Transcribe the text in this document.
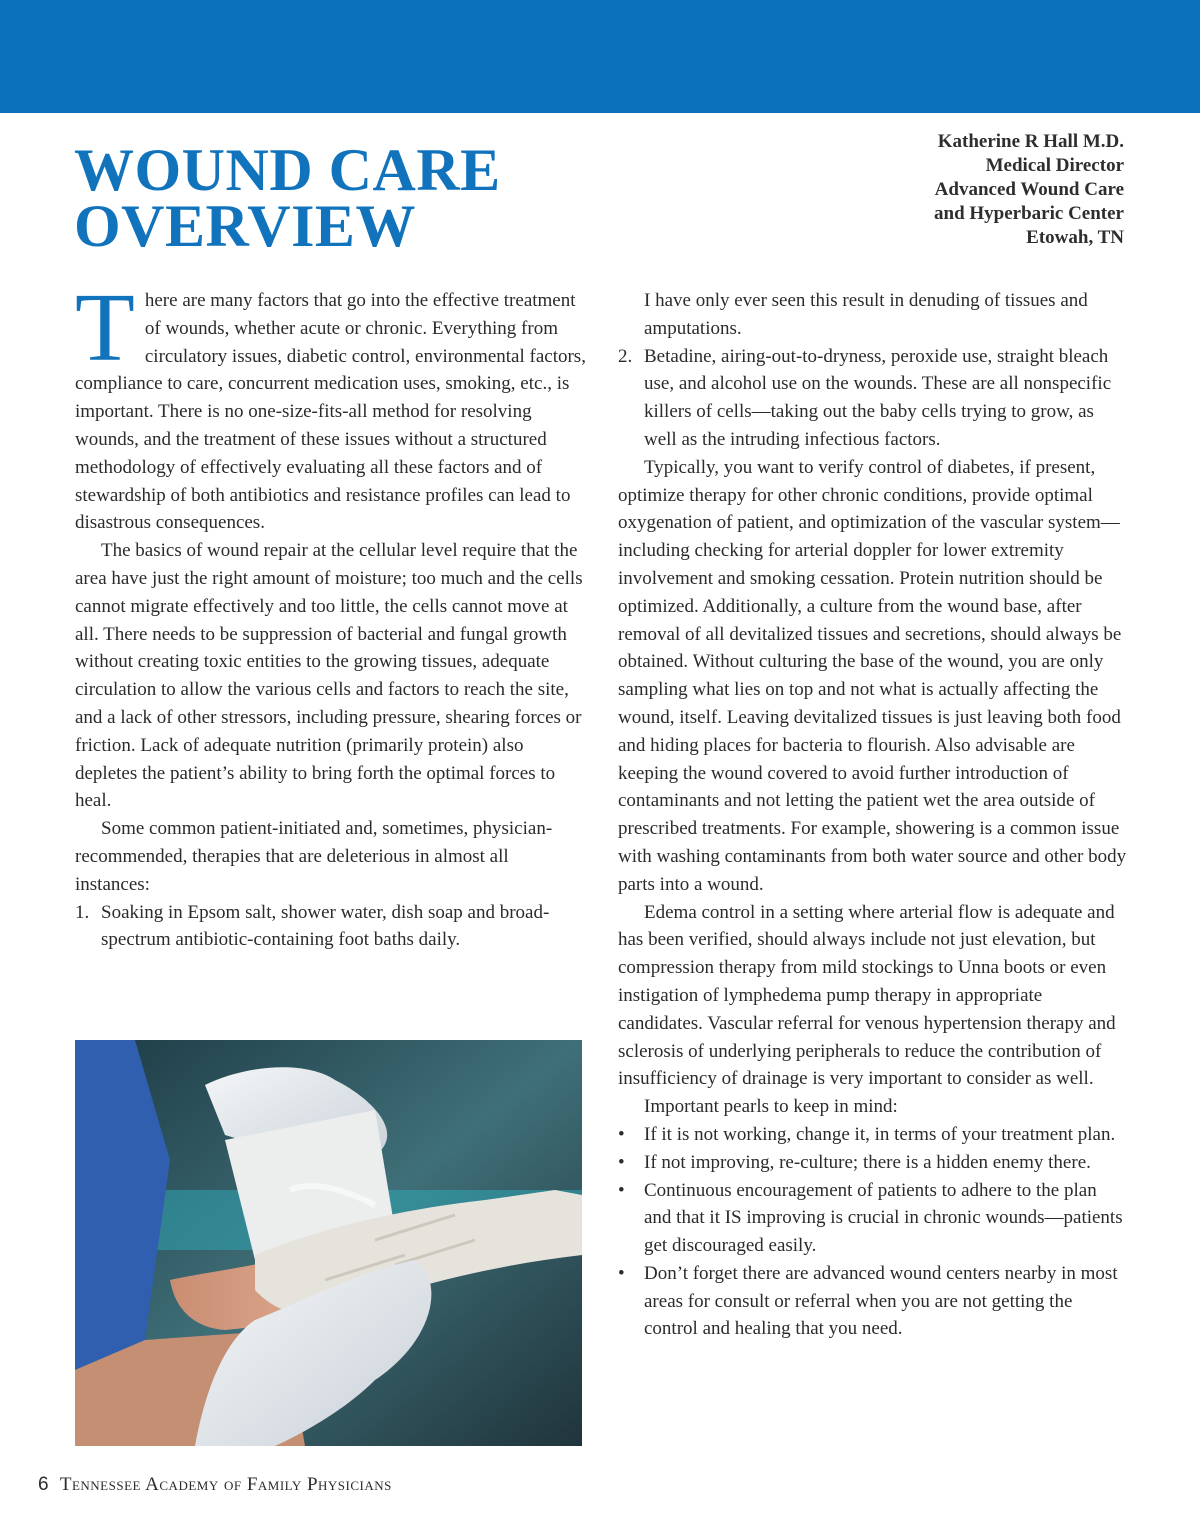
WOUND CARE
OVERVIEW
Katherine R Hall M.D.
Medical Director
Advanced Wound Care
and Hyperbaric Center
Etowah, TN

There are many factors that go into the effective treatment of wounds, whether acute or chronic. Everything from circulatory issues, diabetic control, environmental factors, compliance to care, concurrent medication uses, smoking, etc., is important. There is no one-size-fits-all method for resolving wounds, and the treatment of these issues without a structured methodology of effectively evaluating all these factors and of stewardship of both antibiotics and resistance profiles can lead to disastrous consequences.

The basics of wound repair at the cellular level require that the area have just the right amount of moisture; too much and the cells cannot migrate effectively and too little, the cells cannot move at all. There needs to be suppression of bacterial and fungal growth without creating toxic entities to the growing tissues, adequate circulation to allow the various cells and factors to reach the site, and a lack of other stressors, including pressure, shearing forces or friction. Lack of adequate nutrition (primarily protein) also depletes the patient’s ability to bring forth the optimal forces to heal.

Some common patient-initiated and, sometimes, physician-recommended, therapies that are deleterious in almost all instances:

1. Soaking in Epsom salt, shower water, dish soap and broad-spectrum antibiotic-containing foot baths daily.

I have only ever seen this result in denuding of tissues and amputations.

2. Betadine, airing-out-to-dryness, peroxide use, straight bleach use, and alcohol use on the wounds. These are all nonspecific killers of cells—taking out the baby cells trying to grow, as well as the intruding infectious factors.

Typically, you want to verify control of diabetes, if present, optimize therapy for other chronic conditions, provide optimal oxygenation of patient, and optimization of the vascular system—including checking for arterial doppler for lower extremity involvement and smoking cessation. Protein nutrition should be optimized. Additionally, a culture from the wound base, after removal of all devitalized tissues and secretions, should always be obtained. Without culturing the base of the wound, you are only sampling what lies on top and not what is actually affecting the wound, itself. Leaving devitalized tissues is just leaving both food and hiding places for bacteria to flourish. Also advisable are keeping the wound covered to avoid further introduction of contaminants and not letting the patient wet the area outside of prescribed treatments. For example, showering is a common issue with washing contaminants from both water source and other body parts into a wound.

Edema control in a setting where arterial flow is adequate and has been verified, should always include not just elevation, but compression therapy from mild stockings to Unna boots or even instigation of lymphedema pump therapy in appropriate candidates. Vascular referral for venous hypertension therapy and sclerosis of underlying peripherals to reduce the contribution of insufficiency of drainage is very important to consider as well.

Important pearls to keep in mind:

• If it is not working, change it, in terms of your treatment plan.
• If not improving, re-culture; there is a hidden enemy there.
• Continuous encouragement of patients to adhere to the plan and that it IS improving is crucial in chronic wounds—patients get discouraged easily.
• Don’t forget there are advanced wound centers nearby in most areas for consult or referral when you are not getting the control and healing that you need.
6 Tennessee Academy of Family Physicians
